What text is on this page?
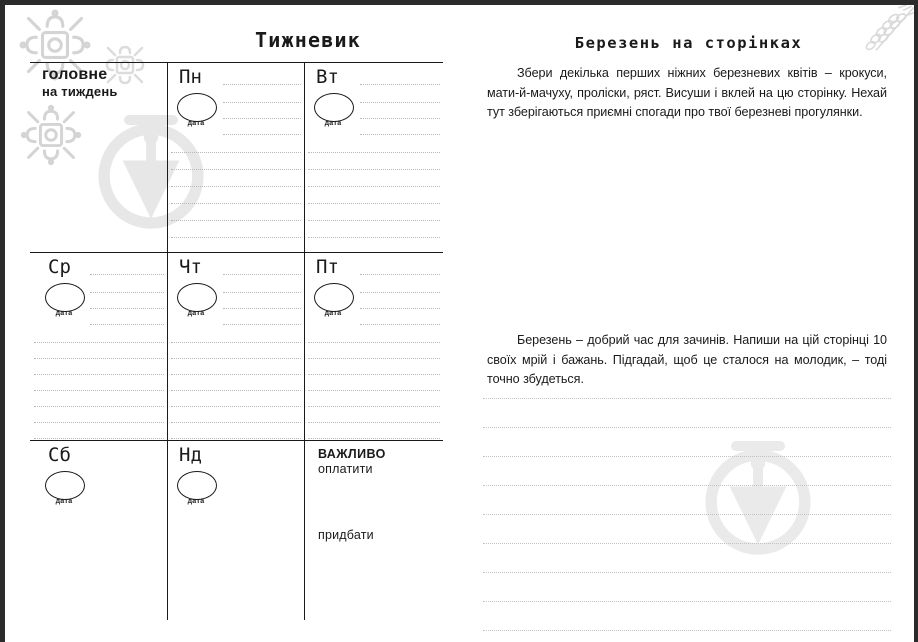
Тижневик
головне
на тиждень
Пн
дата
Вт
дата
Ср
дата
Чт
дата
Пт
дата
Сб
дата
Нд
дата
ВАЖЛИВО
оплатити
придбати
Березень на сторінках
Збери декілька перших ніжних березневих квітів – крокуси, мати-й-мачуху, проліски, ряст. Висуши і вклей на цю сторінку. Нехай тут зберігаються приємні спогади про твої березневі прогулянки.
Березень – добрий час для зачинів. Напиши на цій сторінці 10 своїх мрій і бажань. Підгадай, щоб це сталося на молодик, – тоді точно збудеться.
